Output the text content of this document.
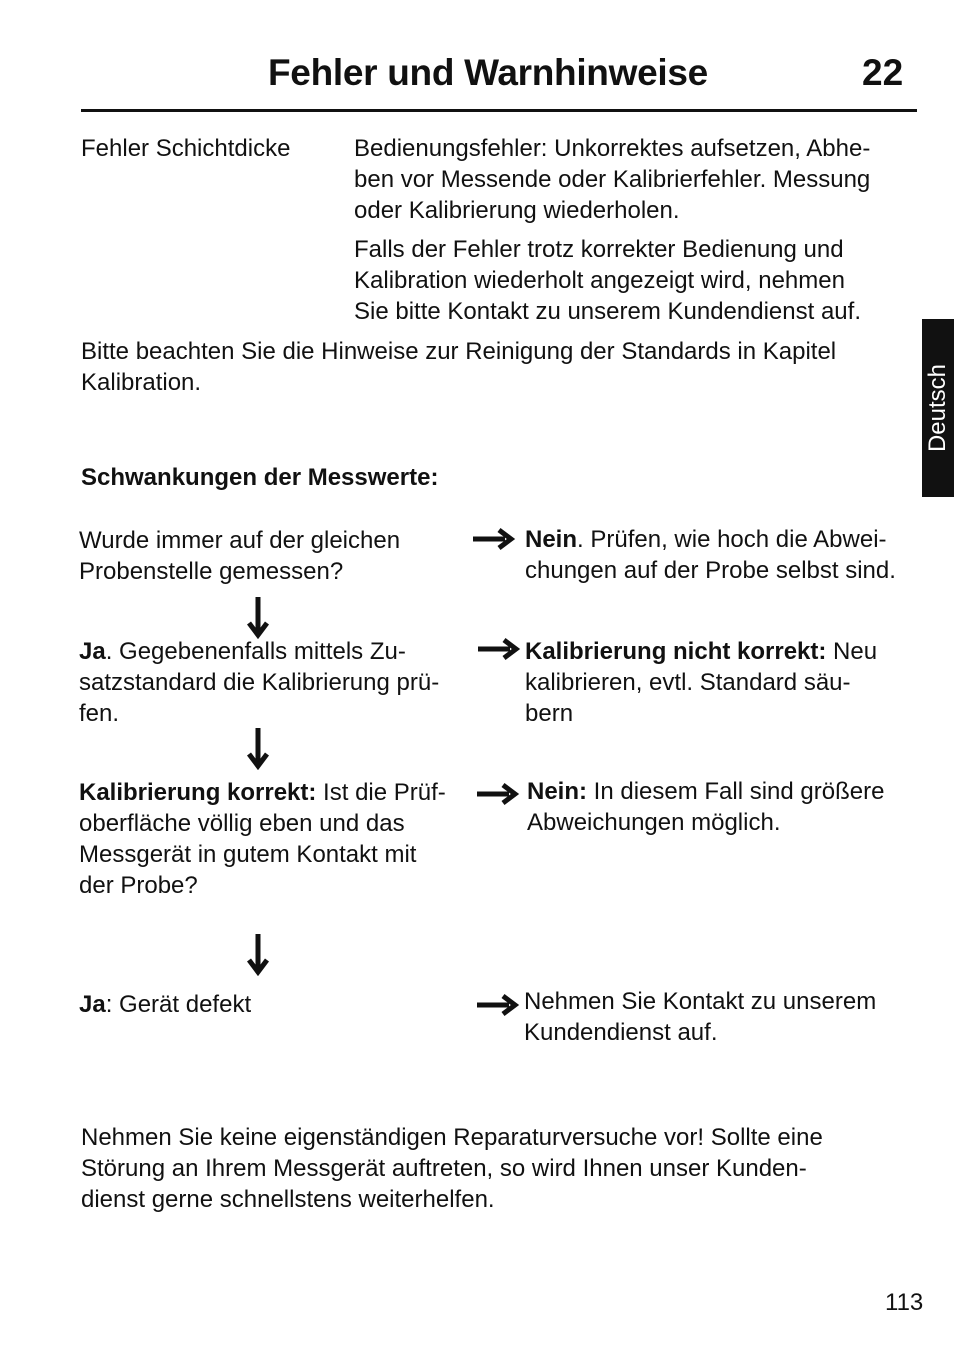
Fehler und Warnhinweise	22
Fehler Schichtdicke	Bedienungsfehler: Unkorrektes aufsetzen, Abhe-
ben vor Messende oder Kalibrierfehler. Messung
oder Kalibrierung wiederholen.
Falls der Fehler trotz korrekter Bedienung und
Kalibration wiederholt angezeigt wird, nehmen
Sie bitte Kontakt zu unserem Kundendienst auf.
Bitte beachten Sie die Hinweise zur Reinigung der Standards in Kapitel
Kalibration.	Deutsch
Schwankungen der Messwerte:
Wurde immer auf der gleichen
Probenstelle gemessen?
Nein. Prüfen, wie hoch die Abwei-
chungen auf der Probe selbst sind.
Ja. Gegebenenfalls mittels Zu-
satzstandard die Kalibrierung prü-
fen.
Kalibrierung nicht korrekt: Neu
kalibrieren, evtl. Standard säu-
bern
Kalibrierung korrekt: Ist die Prüf-
oberfläche völlig eben und das
Messgerät in gutem Kontakt mit
der Probe?
Nein: In diesem Fall sind größere
Abweichungen möglich.
Ja: Gerät defekt	Nehmen Sie Kontakt zu unserem
Kundendienst auf.
Nehmen Sie keine eigenständigen Reparaturversuche vor! Sollte eine
Störung an Ihrem Messgerät auftreten, so wird Ihnen unser Kunden-
dienst gerne schnellstens weiterhelfen.
113
